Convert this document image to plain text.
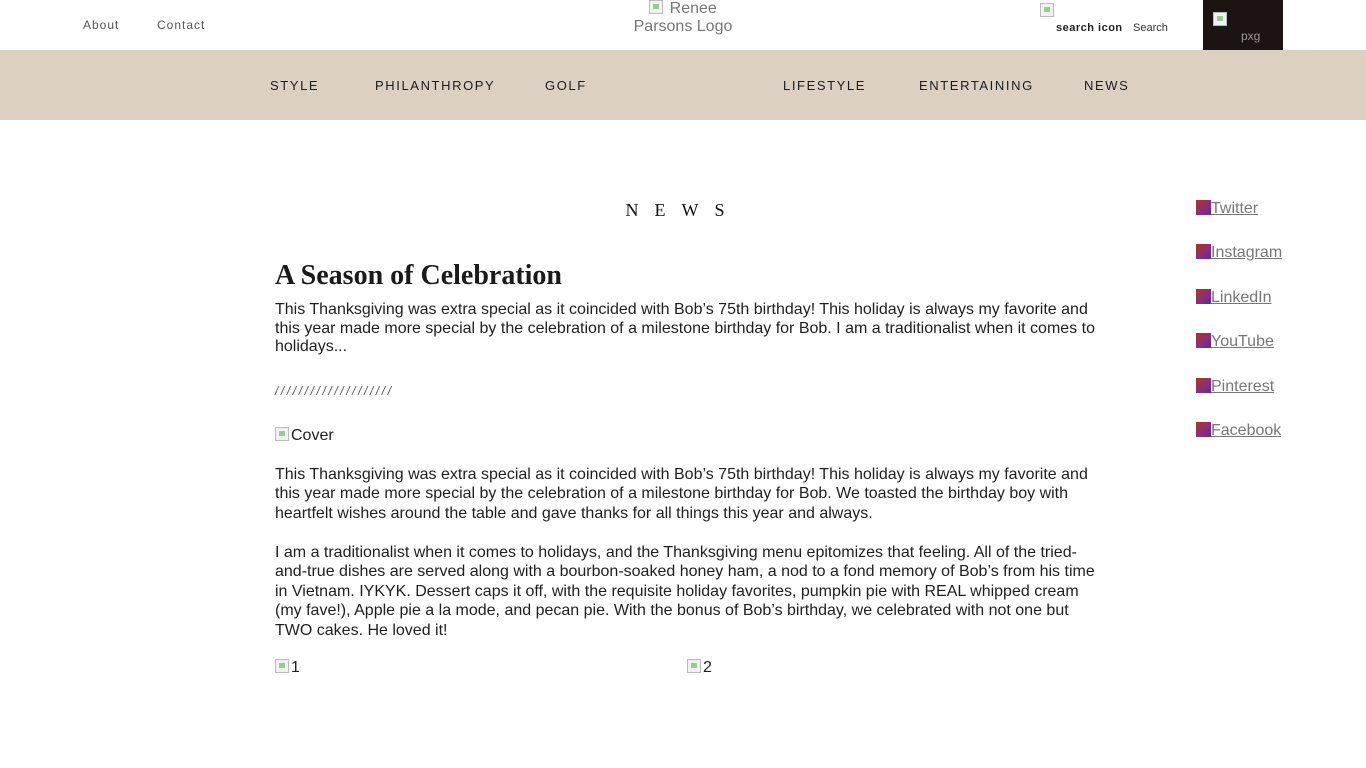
About	Contact
Renee
Parsons Logo	search icon Search
pxg
STYLE	PHILANTHROPY	GOLF	LIFESTYLE	ENTERTAINING	NEWS
NEWS
A Season of Celebration

This Thanksgiving was extra special as it coincided with Bob’s 75th birthday! This holiday is always my favorite and this year made more special by the celebration of a milestone birthday for Bob. I am a traditionalist when it comes to holidays...

////////////////////
Cover

This Thanksgiving was extra special as it coincided with Bob’s 75th birthday! This holiday is always my favorite and this year made more special by the celebration of a milestone birthday for Bob. We toasted the birthday boy with heartfelt wishes around the table and gave thanks for all things this year and always.

I am a traditionalist when it comes to holidays, and the Thanksgiving menu epitomizes that feeling. All of the tried-and-true dishes are served along with a bourbon-soaked honey ham, a nod to a fond memory of Bob’s from his time in Vietnam. IYKYK. Dessert caps it off, with the requisite holiday favorites, pumpkin pie with REAL whipped cream (my fave!), Apple pie a la mode, and pecan pie. With the bonus of Bob’s birthday, we celebrated with not one but TWO cakes. He loved it!

1	2
Twitter
Instagram
LinkedIn
YouTube
Pinterest
Facebook
